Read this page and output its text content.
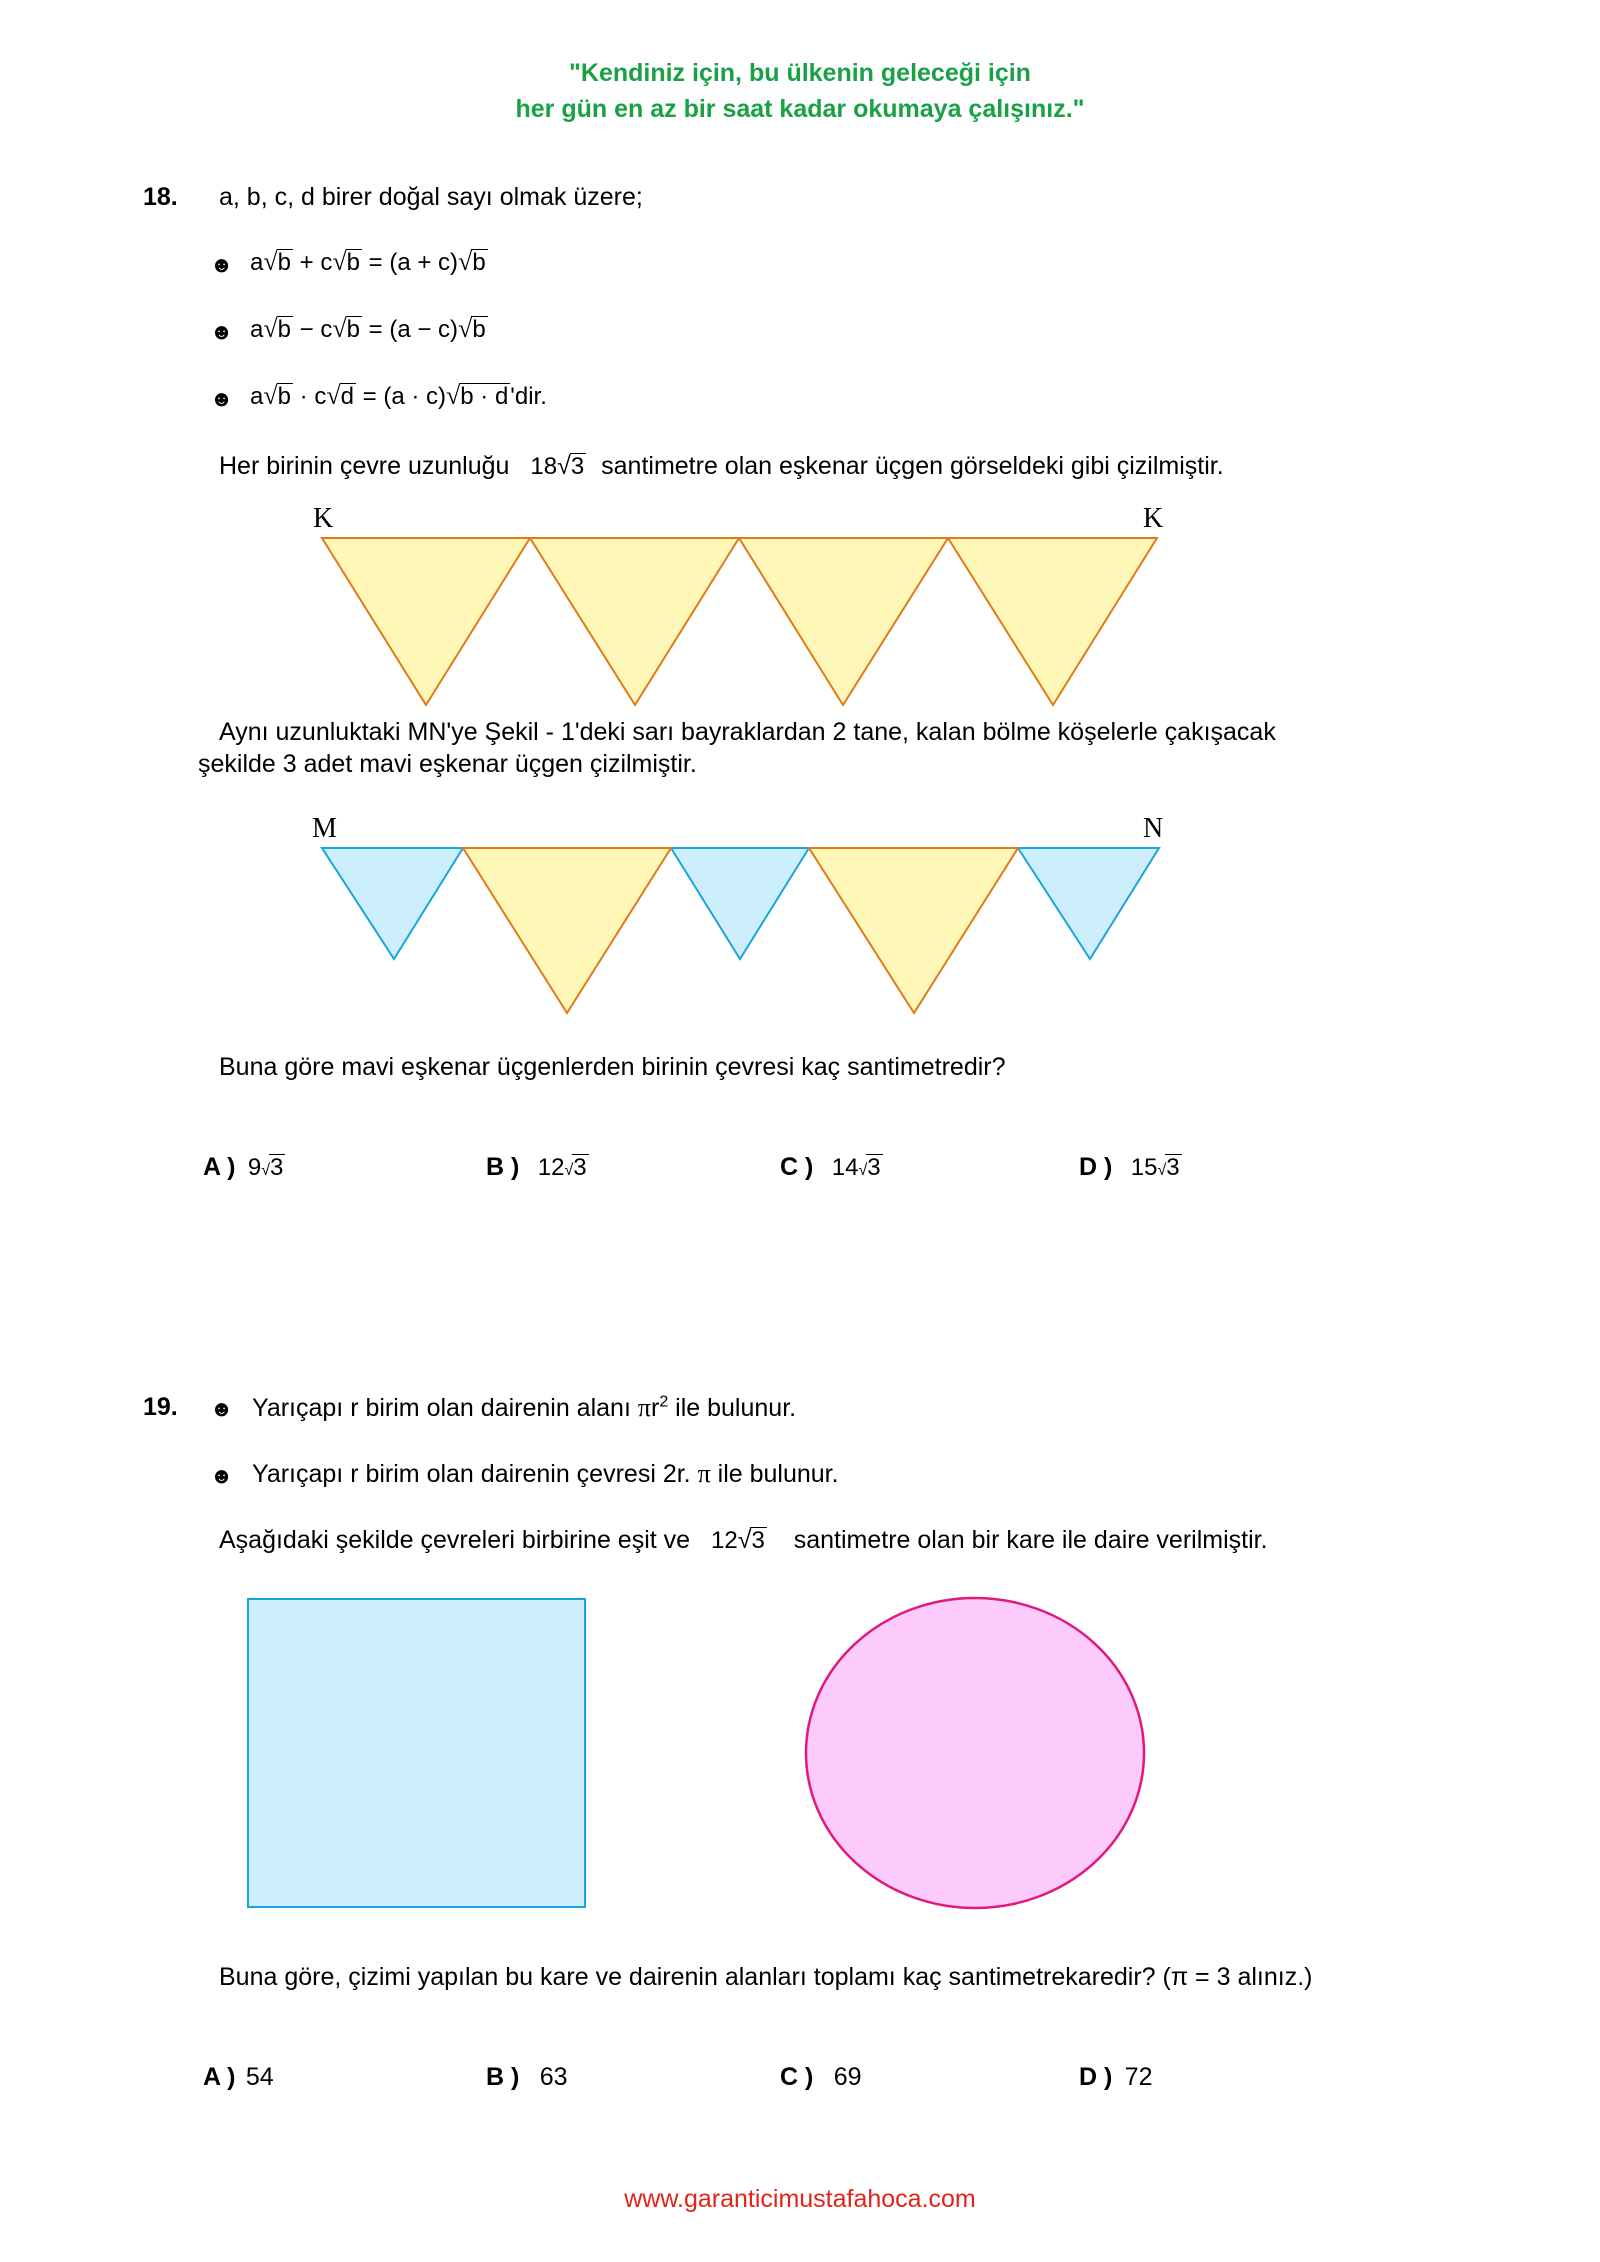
"Kendiniz için, bu ülkenin geleceği için
her gün en az bir saat kadar okumaya çalışınız."
18. a, b, c, d birer doğal sayı olmak üzere;
☻ a√b + c√b = (a + c)√b
☻ a√b − c√b = (a − c)√b
☻ a√b · c√d = (a · c)√b · d'dir.
Her birinin çevre uzunluğu 18√3 santimetre olan eşkenar üçgen görseldeki gibi çizilmiştir.
K	K
Aynı uzunluktaki MN'ye Şekil - 1'deki sarı bayraklardan 2 tane, kalan bölme köşelerle çakışacak
şekilde 3 adet mavi eşkenar üçgen çizilmiştir.
M	N
Buna göre mavi eşkenar üçgenlerden birinin çevresi kaç santimetredir?
A ) 9√3	B ) 12√3	C ) 14√3	D ) 15√3
19. ☻ Yarıçapı r birim olan dairenin alanı $\pi r^2$ ile bulunur.
☻ Yarıçapı r birim olan dairenin çevresi 2r. π ile bulunur.
Aşağıdaki şekilde çevreleri birbirine eşit ve 12√3 santimetre olan bir kare ile daire verilmiştir.
Buna göre, çizimi yapılan bu kare ve dairenin alanları toplamı kaç santimetrekaredir? (π = 3 alınız.)
A ) 54	B ) 63	C ) 69	D ) 72
www.garanticimustafahoca.com
